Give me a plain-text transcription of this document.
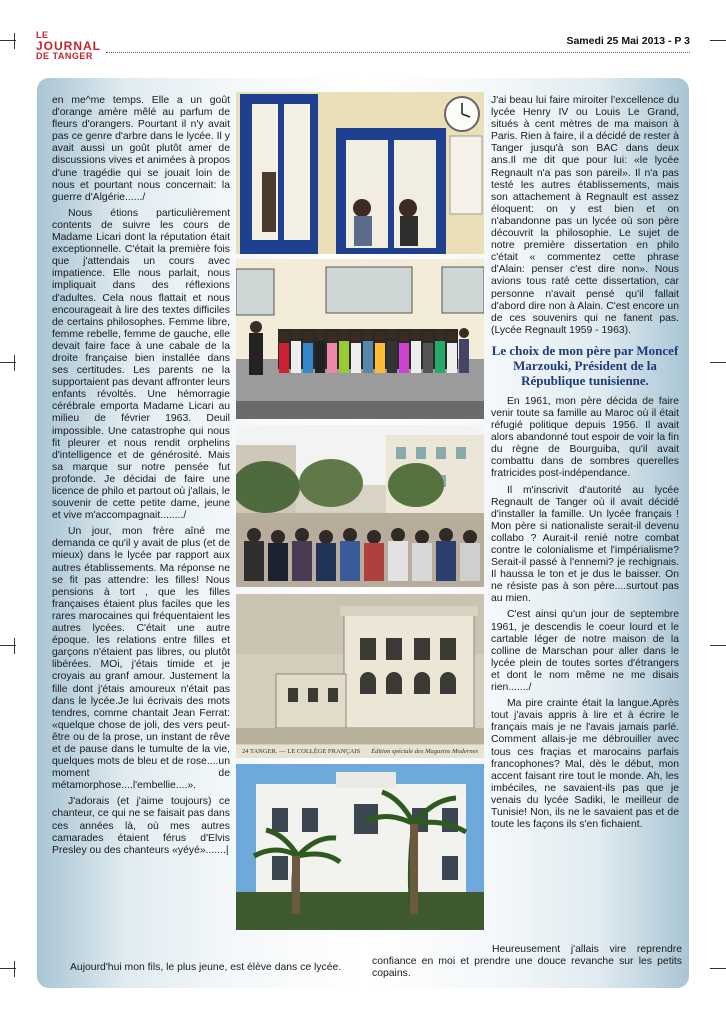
LE
JOURNAL
DE TANGER
Samedi 25 Mai 2013 - P 3

en me^me temps. Elle a un goût d'orange amère mêlé au parfum de fleurs d'orangers. Pourtant il n'y avait pas ce genre d'arbre dans le lycée. Il y avait aussi un goût plutôt amer de discussions vives et animées à propos d'une tragédie qui se jouait loin de nous et pourtant nous concernait: la guerre d'Algérie....../

Nous étions particulièrement contents de suivre les cours de Madame Licari dont la réputation était exceptionnelle. C'était la première fois que j'attendais un cours avec impatience. Elle nous parlait, nous impliquait dans des réflexions d'adultes. Cela nous flattait et nous encourageait à lire des textes difficiles de certains philosophes. Femme libre, femme rebelle, femme de gauche, elle devait faire face à une cabale de la droite française bien installée dans ses certitudes. Les parents ne la supportaient pas devant affronter leurs enfants révoltés. Une hémorragie cérébrale emporta Madame Licari au milieu de février 1963. Deuil impossible. Une catastrophe qui nous fit pleurer et nous rendit orphelins d'intelligence et de générosité. Mais sa marque sur notre pensée fut profonde. Je décidai de faire une licence de philo et partout où j'allais, le souvenir de cette petite dame, jeune et vive m'accompagnait......../

Un jour, mon frère aîné me demanda ce qu'il y avait de plus (et de mieux) dans le lycée par rapport aux autres établissements. Ma réponse ne se fit pas attendre: les filles! Nous pensions à tort , que les filles françaises étaient plus faciles que les rares marocaines qui fréquentaient les autres lycées. C'était une autre époque. les relations entre filles et garçons n'étaient pas libres, ou plutôt libérées. MOi, j'étais timide et je croyais au granf amour. Justement la fille dont j'étais amoureux n'était pas dans le lycée.Je lui écrivais des mots tendres, comme chantait Jean Ferrat: «quelque chose de joli, des vers peut-être ou de la prose, un instant de rêve et de pause dans le tumulte de la vie, quelques mots de bleu et de rose....un moment de métamorphose....l'embellie....».

J'adorais (et j'aime toujours) ce chanteur, ce qui ne se faisait pas dans ces années là, où mes autres camarades étaient férus d'Elvis Presley ou des chanteurs «yéyé».......|

Aujourd'hui mon fils, le plus jeune, est élève dans ce lycée.
24 TANGER. — LE COLLÈGE FRANÇAIS Édition spéciale des Magasins Modernes

J'ai beau lui faire miroiter l'excellence du lycée Henry IV ou Louis Le Grand, situés à cent mètres de ma maison à Paris. Rien à faire, il a décidé de rester à Tanger jusqu'à son BAC dans deux ans.Il me dit que pour lui: «le lycée Regnault n'a pas son pareil». Il n'a pas testé les autres établissements, mais son attachement à Regnault est assez éloquent: on y est bien et on n'abandonne pas un lycée où son père découvrit la philosophie. Le sujet de notre première dissertation en philo c'était « commentez cette phrase d'Alain: penser c'est dire non». Nous avions tous raté cette dissertation, car personne n'avait pensé qu'il fallait d'abord dire non à Alain. C'est encore un de ces souvenirs qui ne fanent pas. (Lycée Regnault 1959 - 1963).

Le choix de mon père par Moncef Marzouki, Président de la République tunisienne.

En 1961, mon père décida de faire venir toute sa famille au Maroc où il était réfugié politique depuis 1956. Il avait alors abandonné tout espoir de voir la fin du règne de Bourguiba, qu'il avait combattu dans de sombres querelles fratricides post-indépendance.

Il m'inscrivit d'autorité au lycée Regnault de Tanger où il avait décidé d'installer la famille. Un lycée français ! Mon père si nationaliste serait-il devenu collabo ? Aurait-il renié notre combat contre le colonialisme et l'impérialisme? Serait-il passé à l'ennemi? je rechignais. Il haussa le ton et je dus le baisser. On ne résiste pas à son père....surtout pas au mien.

C'est ainsi qu'un jour de septembre 1961, je descendis le coeur lourd et le cartable léger de notre maison de la colline de Marschan pour aller dans le lycée plein de toutes sortes d'étrangers et dont le nom même ne me disais rien......./

Ma pire crainte était la langue.Après tout j'avais appris à lire et à écrire le français mais je ne l'avais jamais parlé. Comment allais-je me débrouiller avec tous ces fraçias et marocains parfais francophones? Mal, dès le début, mon accent faisant rire tout le monde. Ah, les imbéciles, ne savaient-ils pas que je venais du lycée Sadiki, le meilleur de Tunisie! Non, ils ne le savaient pas et de toute les façons ils s'en fichaient.

Heureusement j'allais vire reprendre confiance en moi et prendre une douce revanche sur les petits copains.
